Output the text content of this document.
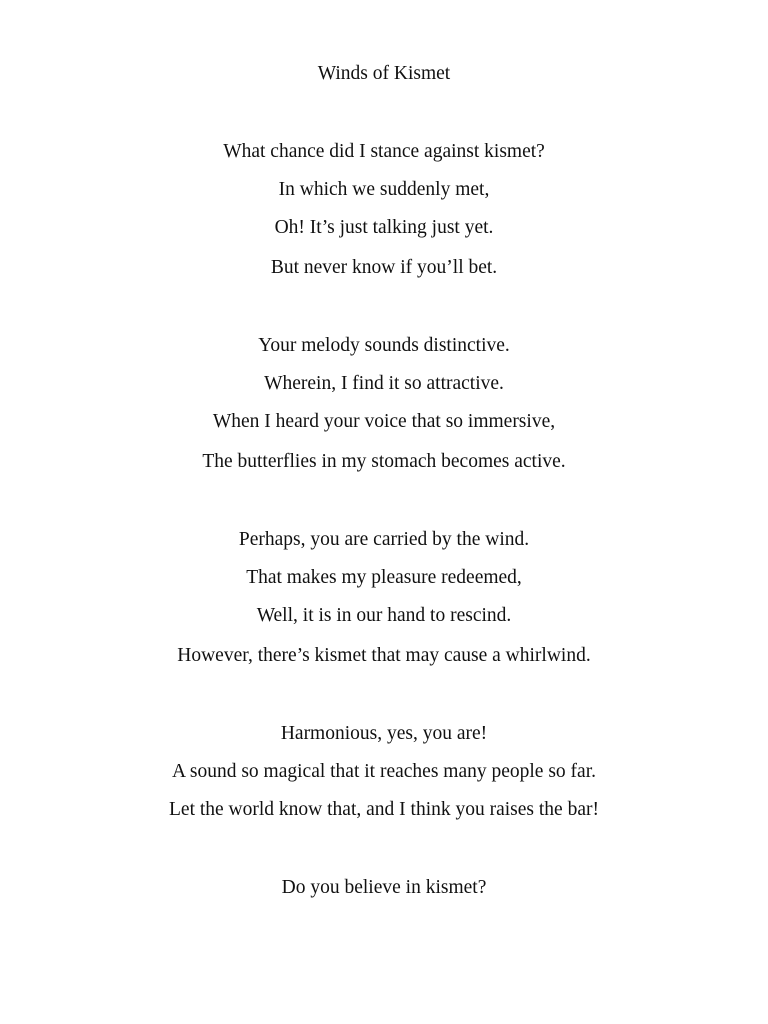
Winds of Kismet
What chance did I stance against kismet?
In which we suddenly met,
Oh! It’s just talking just yet.
But never know if you’ll bet.
Your melody sounds distinctive.
Wherein, I find it so attractive.
When I heard your voice that so immersive,
The butterflies in my stomach becomes active.
Perhaps, you are carried by the wind.
That makes my pleasure redeemed,
Well, it is in our hand to rescind.
However, there’s kismet that may cause a whirlwind.
Harmonious, yes, you are!
A sound so magical that it reaches many people so far.
Let the world know that, and I think you raises the bar!
Do you believe in kismet?
